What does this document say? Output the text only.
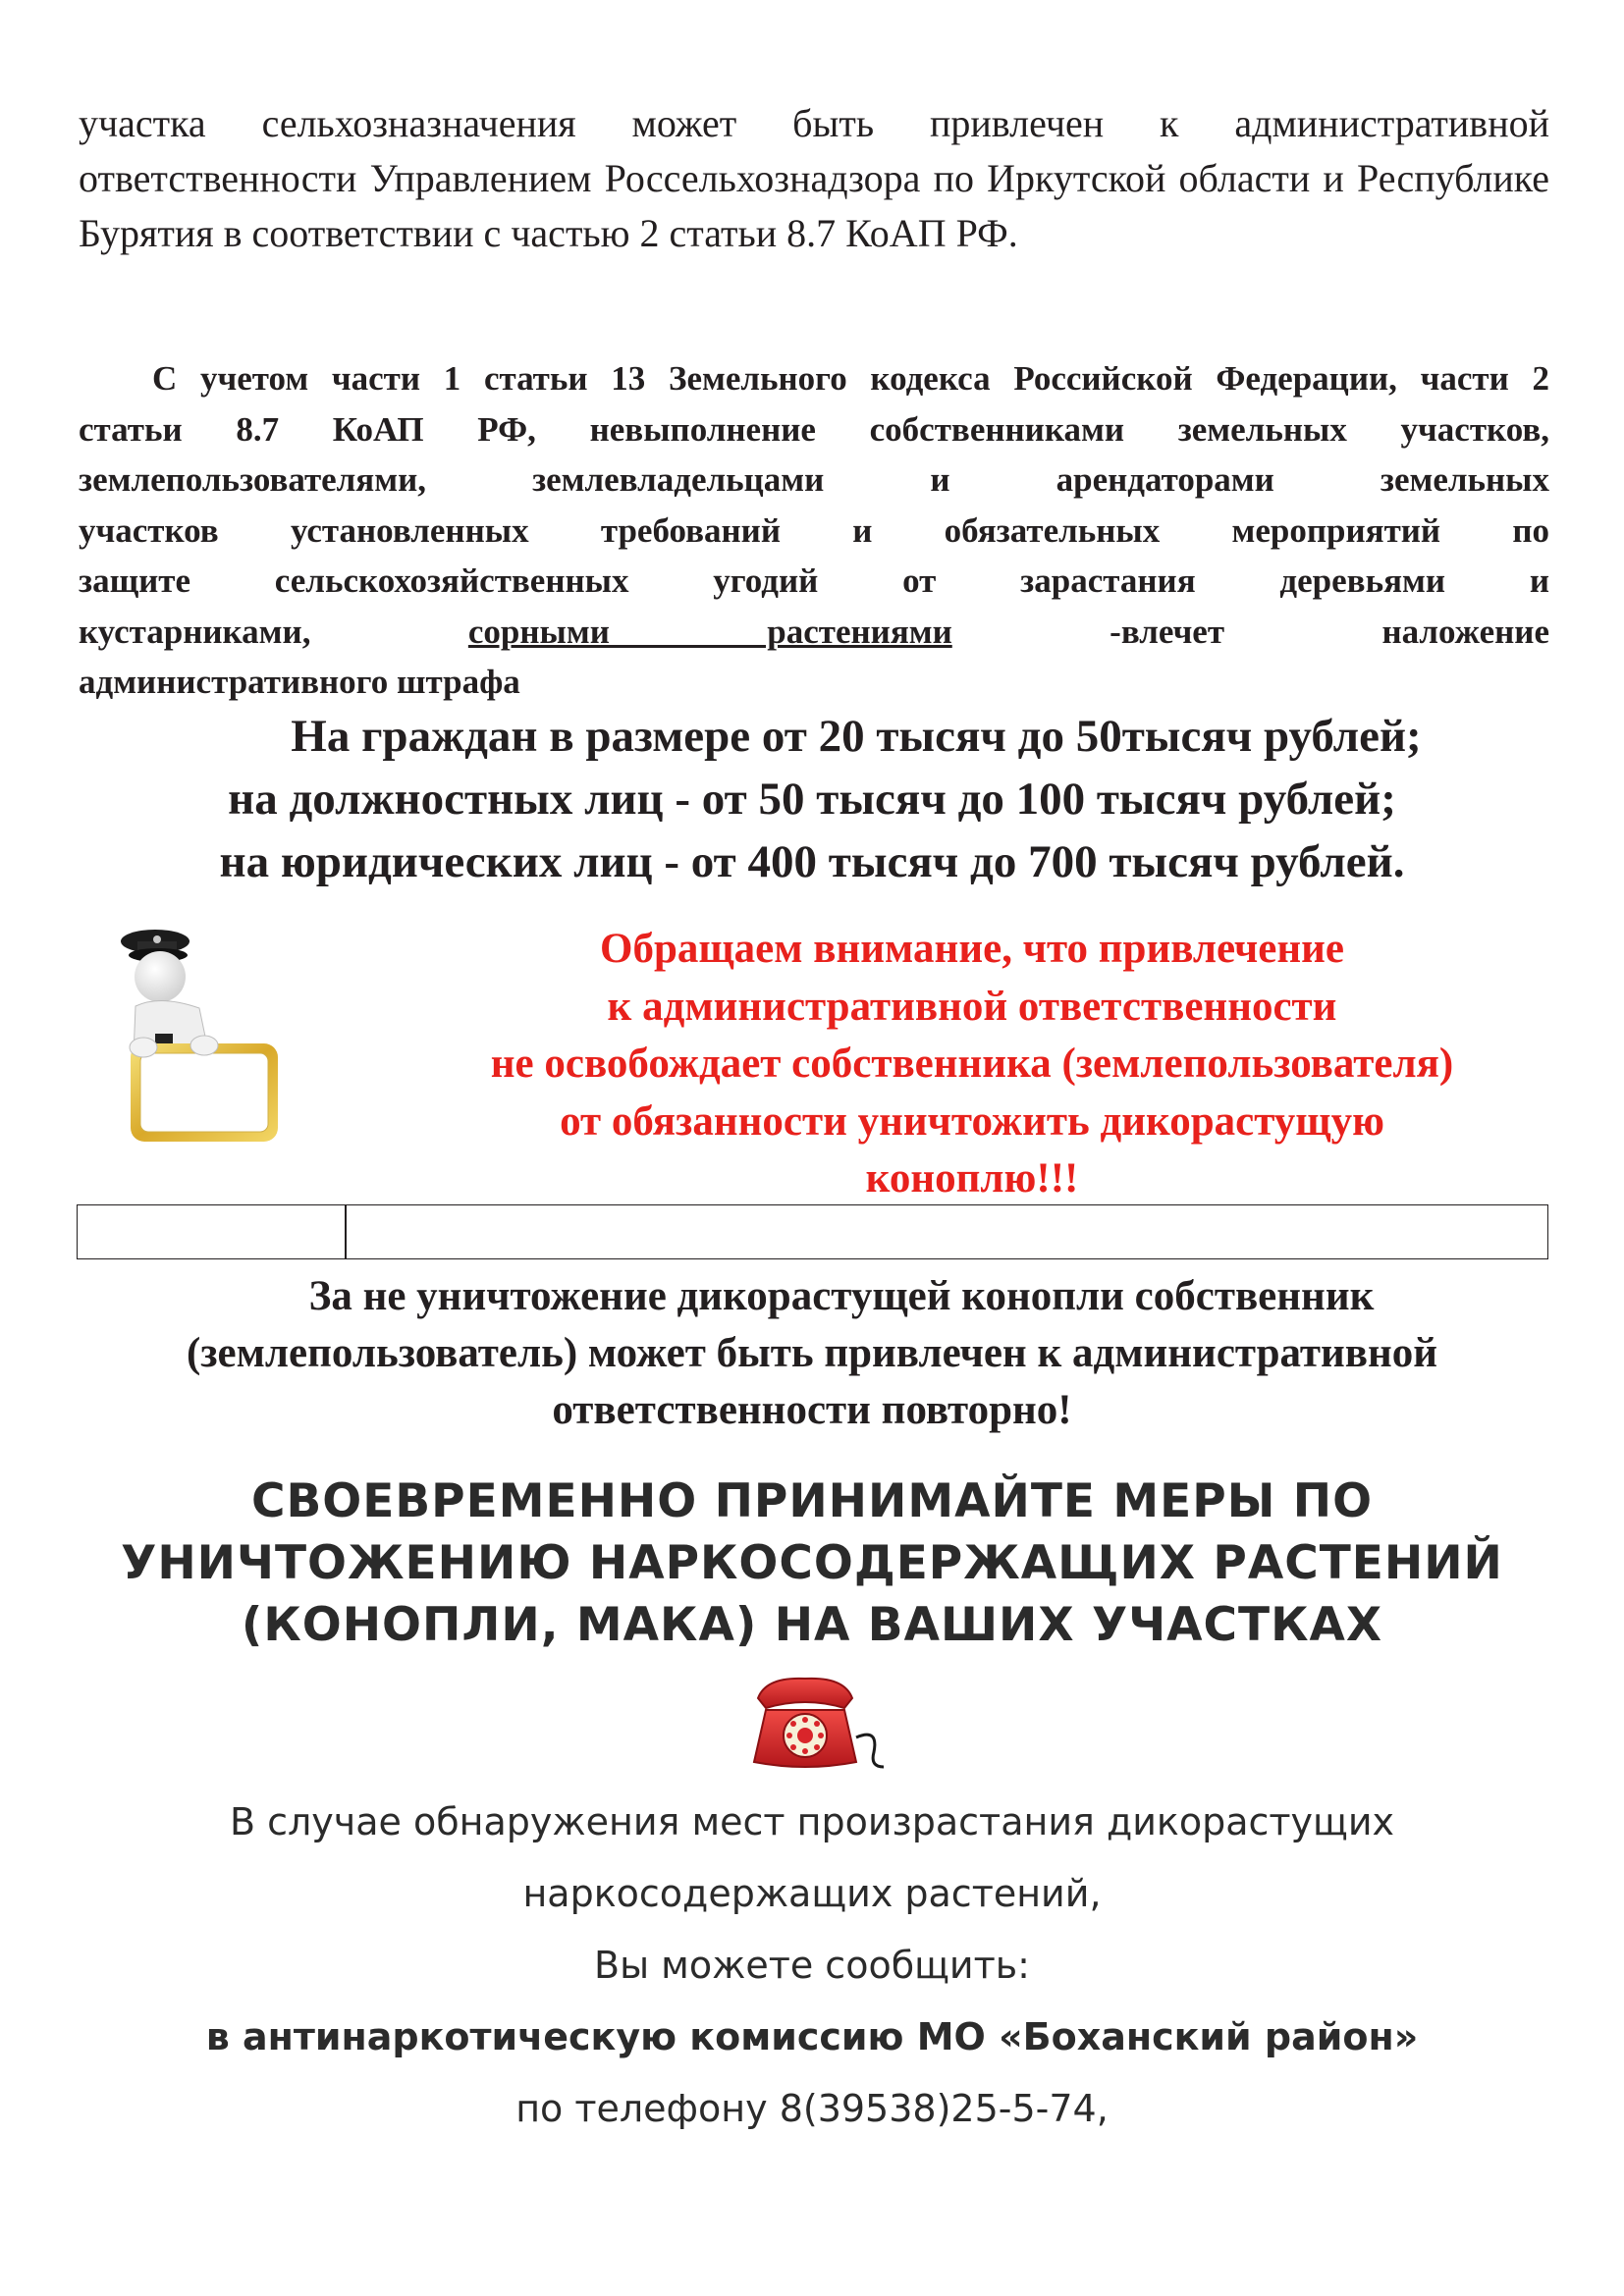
участка сельхозназначения может быть привлечен к административной ответственности Управлением Россельхознадзора по Иркутской области и Республике Бурятия в соответствии с частью 2 статьи 8.7 КоАП РФ.
С учетом части 1 статьи 13 Земельного кодекса Российской Федерации, части 2
статьи 8.7 КоАП РФ, невыполнение собственниками земельных участков,
землепользователями, землевладельцами и арендаторами земельных
участков установленных требований и обязательных мероприятий по
защите сельскохозяйственных угодий от зарастания деревьями и
кустарниками,	сорными растениями	-влечет наложение
административного штрафа
На граждан в размере от 20 тысяч до 50тысяч рублей;
на должностных лиц - от 50 тысяч до 100 тысяч рублей;
на юридических лиц - от 400 тысяч до 700 тысяч рублей.
Обращаем внимание, что привлечение
к административной ответственности
не освобождает собственника (землепользователя)
от обязанности уничтожить дикорастущую
коноплю!!!
За не уничтожение дикорастущей конопли собственник
(землепользователь) может быть привлечен к административной
ответственности повторно!
СВОЕВРЕМЕННО ПРИНИМАЙТЕ МЕРЫ ПО
УНИЧТОЖЕНИЮ НАРКОСОДЕРЖАЩИХ РАСТЕНИЙ
(КОНОПЛИ, МАКА) НА ВАШИХ УЧАСТКАХ
В случае обнаружения мест произрастания дикорастущих
наркосодержащих растений,
Вы можете сообщить:
в антинаркотическую комиссию МО «Боханский район»
по телефону 8(39538)25-5-74,
